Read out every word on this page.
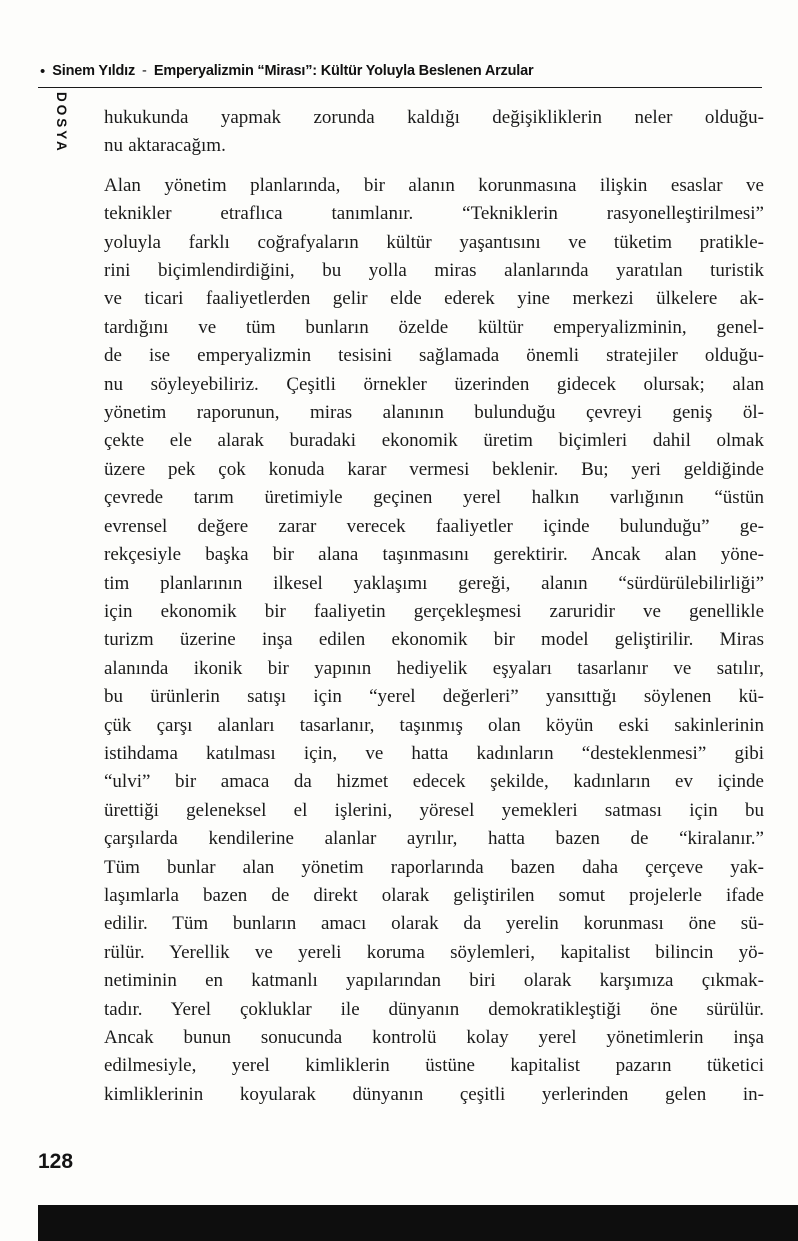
• Sinem Yıldız - Emperyalizmin “Mirası”: Kültür Yoluyla Beslenen Arzular
DOSYA hukukunda yapmak zorunda kaldığı değişikliklerin neler olduğu-
nu aktaracağım.

Alan yönetim planlarında, bir alanın korunmasına ilişkin esaslar ve
teknikler etraflıca tanımlanır. “Tekniklerin rasyonelleştirilmesi”
yoluyla farklı coğrafyaların kültür yaşantısını ve tüketim pratikle-
rini biçimlendirdiğini, bu yolla miras alanlarında yaratılan turistik
ve ticari faaliyetlerden gelir elde ederek yine merkezi ülkelere ak-
tardığını ve tüm bunların özelde kültür emperyalizminin, genel-
de ise emperyalizmin tesisini sağlamada önemli stratejiler olduğu-
nu söyleyebiliriz. Çeşitli örnekler üzerinden gidecek olursak; alan
yönetim raporunun, miras alanının bulunduğu çevreyi geniş öl-
çekte ele alarak buradaki ekonomik üretim biçimleri dahil olmak
üzere pek çok konuda karar vermesi beklenir. Bu; yeri geldiğinde
çevrede tarım üretimiyle geçinen yerel halkın varlığının “üstün
evrensel değere zarar verecek faaliyetler içinde bulunduğu” ge-
rekçesiyle başka bir alana taşınmasını gerektirir. Ancak alan yöne-
tim planlarının ilkesel yaklaşımı gereği, alanın “sürdürülebilirliği”
için ekonomik bir faaliyetin gerçekleşmesi zaruridir ve genellikle
turizm üzerine inşa edilen ekonomik bir model geliştirilir. Miras
alanında ikonik bir yapının hediyelik eşyaları tasarlanır ve satılır,
bu ürünlerin satışı için “yerel değerleri” yansıttığı söylenen kü-
çük çarşı alanları tasarlanır, taşınmış olan köyün eski sakinlerinin
istihdama katılması için, ve hatta kadınların “desteklenmesi” gibi
“ulvi” bir amaca da hizmet edecek şekilde, kadınların ev içinde
ürettiği geleneksel el işlerini, yöresel yemekleri satması için bu
çarşılarda kendilerine alanlar ayrılır, hatta bazen de “kiralanır.”
Tüm bunlar alan yönetim raporlarında bazen daha çerçeve yak-
laşımlarla bazen de direkt olarak geliştirilen somut projelerle ifade
edilir. Tüm bunların amacı olarak da yerelin korunması öne sü-
rülür. Yerellik ve yereli koruma söylemleri, kapitalist bilincin yö-
netiminin en katmanlı yapılarından biri olarak karşımıza çıkmak-
tadır. Yerel çokluklar ile dünyanın demokratikleştiği öne sürülür.
Ancak bunun sonucunda kontrolü kolay yerel yönetimlerin inşa
edilmesiyle, yerel kimliklerin üstüne kapitalist pazarın tüketici
kimliklerinin koyularak dünyanın çeşitli yerlerinden gelen in-

128
